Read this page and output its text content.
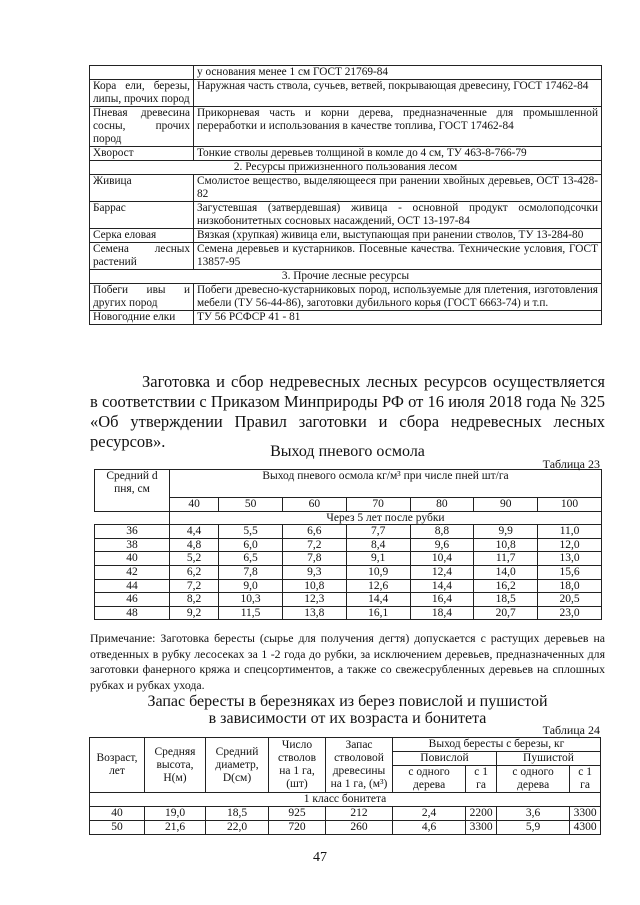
	у основания менее 1 см ГОСТ 21769-84
Кора ели, березы, липы, прочих пород	Наружная часть ствола, сучьев, ветвей, покрывающая древесину, ГОСТ 17462-84
Пневая древесина сосны, прочих пород	Прикорневая часть и корни дерева, предназначенные для промышленной переработки и использования в качестве топлива, ГОСТ 17462-84
Хворост	Тонкие стволы деревьев толщиной в комле до 4 см, ТУ 463-8-766-79
2. Ресурсы прижизненного пользования лесом	
Живица	Смолистое вещество, выделяющееся при ранении хвойных деревьев, ОСТ 13-428-82
Баррас	Загустевшая (затвердевшая) живица - основной продукт осмолоподсочки низкобонитетных сосновых насаждений, ОСТ 13-197-84
Серка еловая	Вязкая (хрупкая) живица ели, выступающая при ранении стволов, ТУ 13-284-80
Семена лесных растений	Семена деревьев и кустарников. Посевные качества. Технические условия, ГОСТ 13857-95
3. Прочие лесные ресурсы	
Побеги ивы и других пород	Побеги древесно-кустарниковых пород, используемые для плетения, изготовления мебели (ТУ 56-44-86), заготовки дубильного корья (ГОСТ 6663-74) и т.п.
Новогодние елки	ТУ 56 РСФСР 41 - 81
Заготовка и сбор недревесных лесных ресурсов осуществляется в соответствии с Приказом Минприроды РФ от 16 июля 2018 года № 325 «Об утверждении Правил заготовки и сбора недревесных лесных ресурсов».
Выход пневого осмола
Таблица 23
Средний d пня, см	Выход пневого осмола кг/м³ при числе пней шт/га						
	40	50	60	70	80	90	100
	Через 5 лет после рубки						
36	4,4	5,5	6,6	7,7	8,8	9,9	11,0
38	4,8	6,0	7,2	8,4	9,6	10,8	12,0
40	5,2	6,5	7,8	9,1	10,4	11,7	13,0
42	6,2	7,8	9,3	10,9	12,4	14,0	15,6
44	7,2	9,0	10,8	12,6	14,4	16,2	18,0
46	8,2	10,3	12,3	14,4	16,4	18,5	20,5
48	9,2	11,5	13,8	16,1	18,4	20,7	23,0
Примечание: Заготовка бересты (сырье для получения дегтя) допускается с растущих деревьев на отведенных в рубку лесосеках за 1 -2 года до рубки, за исключением деревьев, предназначенных для заготовки фанерного кряжа и спецсортиментов, а также со свежесрубленных деревьев на сплошных рубках и рубках ухода.
Запас бересты в березняках из берез повислой и пушистой
в зависимости от их возраста и бонитета
Таблица 24
Возраст, лет	Средняя высота, Н(м)	Средний диаметр, D(см)	Число стволов на 1 га, (шт)	Запас стволовой древесины на 1 га, (м³)	Выход бересты с березы, кг			
					Повислой		Пушистой	
					с одного дерева	с 1 га	с одного дерева	с 1 га
1 класс бонитета								
40	19,0	18,5	925	212	2,4	2200	3,6	3300
50	21,6	22,0	720	260	4,6	3300	5,9	4300
47
